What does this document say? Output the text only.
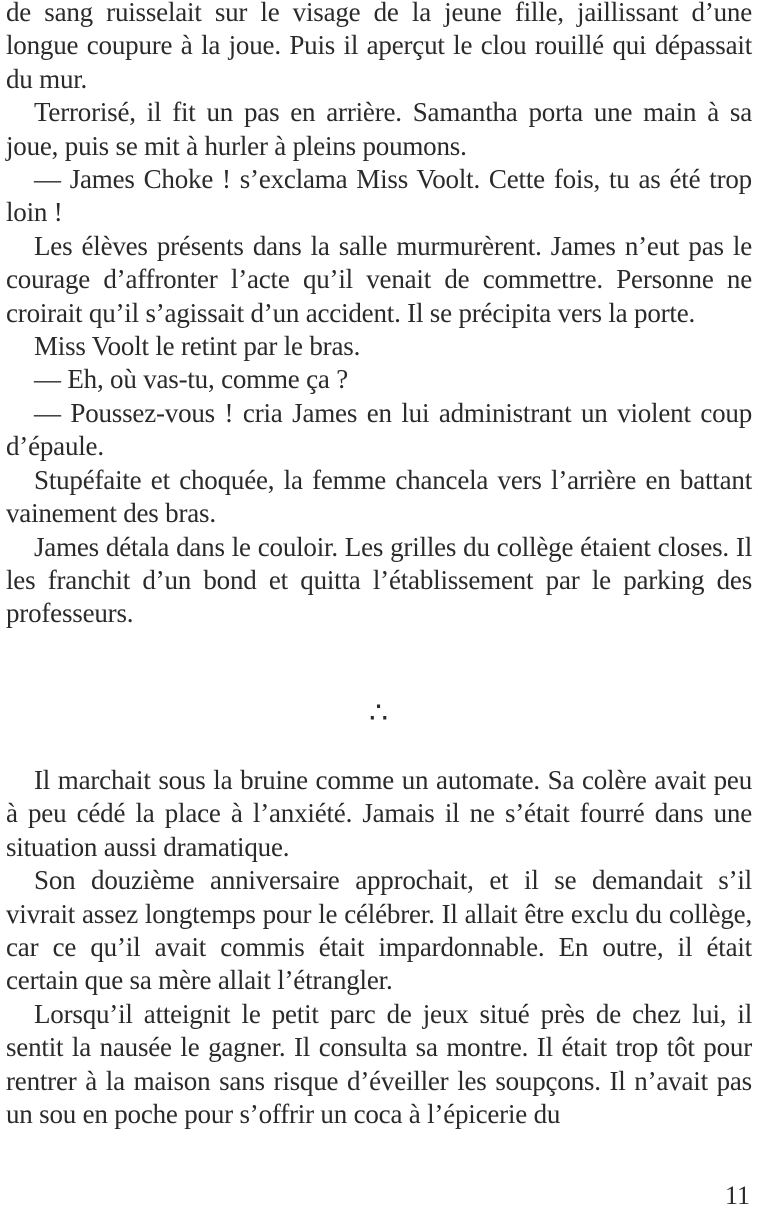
de sang ruisselait sur le visage de la jeune fille, jaillissant d’une longue coupure à la joue. Puis il aperçut le clou rouillé qui dépassait du mur.

Terrorisé, il fit un pas en arrière. Samantha porta une main à sa joue, puis se mit à hurler à pleins poumons.

— James Choke ! s’exclama Miss Voolt. Cette fois, tu as été trop loin !

Les élèves présents dans la salle murmurèrent. James n’eut pas le courage d’affronter l’acte qu’il venait de commettre. Personne ne croirait qu’il s’agissait d’un accident. Il se précipita vers la porte.

Miss Voolt le retint par le bras.

— Eh, où vas-tu, comme ça ?

— Poussez-vous ! cria James en lui administrant un violent coup d’épaule.

Stupéfaite et choquée, la femme chancela vers l’arrière en battant vainement des bras.

James détala dans le couloir. Les grilles du collège étaient closes. Il les franchit d’un bond et quitta l’établissement par le parking des professeurs.

∴

Il marchait sous la bruine comme un automate. Sa colère avait peu à peu cédé la place à l’anxiété. Jamais il ne s’était fourré dans une situation aussi dramatique.

Son douzième anniversaire approchait, et il se demandait s’il vivrait assez longtemps pour le célébrer. Il allait être exclu du collège, car ce qu’il avait commis était impardonnable. En outre, il était certain que sa mère allait l’étrangler.

Lorsqu’il atteignit le petit parc de jeux situé près de chez lui, il sentit la nausée le gagner. Il consulta sa montre. Il était trop tôt pour rentrer à la maison sans risque d’éveiller les soupçons. Il n’avait pas un sou en poche pour s’offrir un coca à l’épicerie du

11
